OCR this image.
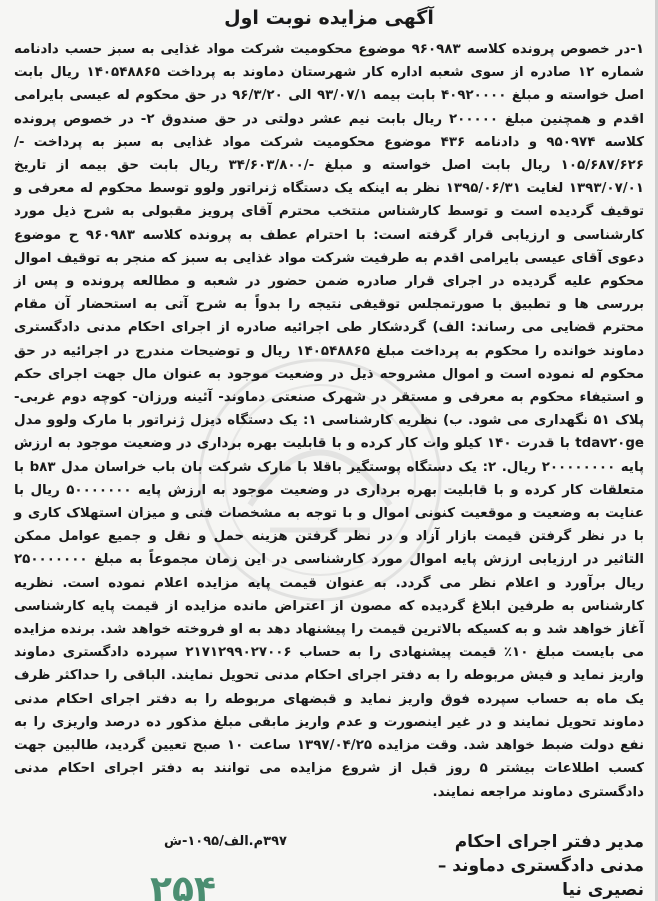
آگهی مزایده نوبت اول
۱-در خصوص پرونده کلاسه ۹۶۰۹۸۳ موضوع محکومیت شرکت مواد غذایی به سبز حسب دادنامه شماره ۱۲ صادره از سوی شعبه اداره کار شهرستان دماوند به پرداخت ۱۴۰۵۴۸۸۶۵ ریال بابت اصل خواسته و مبلغ ۴۰۹۲۰۰۰۰ بابت بیمه ۹۳/۰۷/۱ الی ۹۶/۳/۲۰ در حق محکوم له عیسی بایرامی اقدم و همچنین مبلغ ۲۰۰۰۰۰ ریال بابت نیم عشر دولتی در حق صندوق ۲- در خصوص پرونده کلاسه ۹۵۰۹۷۴ و دادنامه ۴۳۶ موضوع محکومیت شرکت مواد غذایی به سبز به پرداخت -/۱۰۵/۶۸۷/۶۲۶ ریال بابت اصل خواسته و مبلغ -/۳۴/۶۰۳/۸۰۰ ریال بابت حق بیمه از تاریخ ۱۳۹۳/۰۷/۰۱ لغایت ۱۳۹۵/۰۶/۳۱ نظر به اینکه یک دستگاه ژنراتور ولوو توسط محکوم له معرفی و توقیف گردیده است و توسط کارشناس منتخب محترم آقای پرویز مقبولی به شرح ذیل مورد کارشناسی و ارزیابی قرار گرفته است: با احترام عطف به پرونده کلاسه ۹۶۰۹۸۳ ح موضوع دعوی آقای عیسی بایرامی اقدم به طرفیت شرکت مواد غذایی به سبز که منجر به توقیف اموال محکوم علیه گردیده در اجرای قرار صادره ضمن حضور در شعبه و مطالعه پرونده و پس از بررسی ها و تطبیق با صورتمجلس توقیفی نتیجه را بدواً به شرح آتی به استحضار آن مقام محترم قضایی می رساند: الف) گردشکار طی اجرائیه صادره از اجرای احکام مدنی دادگستری دماوند خوانده را محکوم به پرداخت مبلغ ۱۴۰۵۴۸۸۶۵ ریال و توضیحات مندرج در اجرائیه در حق محکوم له نموده است و اموال مشروحه ذیل در وضعیت موجود به عنوان مال جهت اجرای حکم و استیفاء محکوم به معرفی و مستقر در شهرک صنعتی دماوند- آئینه ورزان- کوچه دوم غربی- پلاک ۵۱ نگهداری می شود. ب) نظریه کارشناسی ۱: یک دستگاه دیزل ژنراتور با مارک ولوو مدل tdav۲۰ge با قدرت ۱۴۰ کیلو وات کار کرده و با قابلیت بهره برداری در وضعیت موجود به ارزش پایه ۲۰۰۰۰۰۰۰۰ ریال. ۲: یک دستگاه پوستگیر باقلا با مارک شرکت بان باب خراسان مدل b۸۳ با متعلقات کار کرده و با قابلیت بهره برداری در وضعیت موجود به ارزش پایه ۵۰۰۰۰۰۰۰ ریال با عنایت به وضعیت و موقعیت کنونی اموال و با توجه به مشخصات فنی و میزان استهلاک کاری و با در نظر گرفتن قیمت بازار آزاد و در نظر گرفتن هزینه حمل و نقل و جمیع عوامل ممکن التاثیر در ارزیابی ارزش پایه اموال مورد کارشناسی در این زمان مجموعاً به مبلغ ۲۵۰۰۰۰۰۰۰ ریال برآورد و اعلام نظر می گردد. به عنوان قیمت پایه مزایده اعلام نموده است. نظریه کارشناس به طرفین ابلاغ گردیده که مصون از اعتراض مانده مزایده از قیمت پایه کارشناسی آغاز خواهد شد و به کسیکه بالاترین قیمت را پیشنهاد دهد به او فروخته خواهد شد. برنده مزایده می بایست مبلغ ۱۰٪ قیمت پیشنهادی را به حساب ۲۱۷۱۲۹۹۰۲۷۰۰۶ سپرده دادگستری دماوند واریز نماید و فیش مربوطه را به دفتر اجرای احکام مدنی تحویل نمایند. الباقی را حداکثر ظرف یک ماه به حساب سپرده فوق واریز نماید و قبضهای مربوطه را به دفتر اجرای احکام مدنی دماوند تحویل نمایند و در غیر اینصورت و عدم واریز مابقی مبلغ مذکور ده درصد واریزی را به نفع دولت ضبط خواهد شد. وقت مزایده ۱۳۹۷/۰۴/۲۵ ساعت ۱۰ صبح تعیین گردید، طالبین جهت کسب اطلاعات بیشتر ۵ روز قبل از شروع مزایده می توانند به دفتر اجرای احکام مدنی دادگستری دماوند مراجعه نمایند.
مدیر دفتر اجرای احکام مدنی دادگستری دماوند – نصیری نیا
۳۹۷م.الف/۱۰۹۵-ش
۲۵۴
